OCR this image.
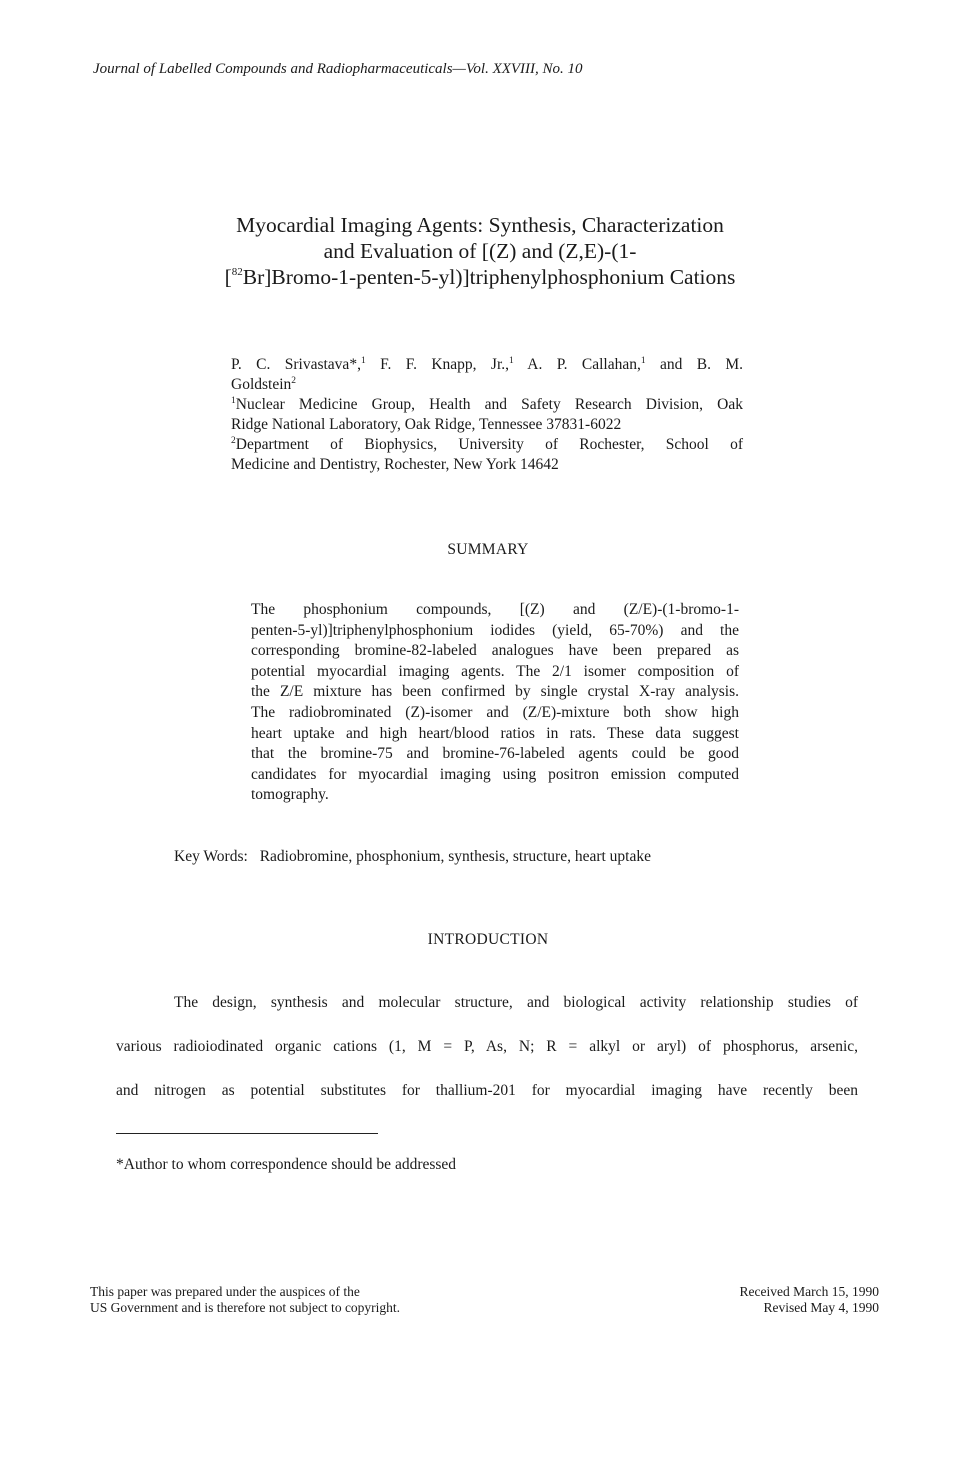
Journal of Labelled Compounds and Radiopharmaceuticals—Vol. XXVIII, No. 10
Myocardial Imaging Agents: Synthesis, Characterization
and Evaluation of [(Z) and (Z,E)-(1-
[$^{82}$Br]Bromo-1-penten-5-yl)]triphenylphosphonium Cations

P. C. Srivastava*,$^1$ F. F. Knapp, Jr.,$^1$ A. P. Callahan,$^1$ and B. M.

Goldstein$^2$

$^1$Nuclear Medicine Group, Health and Safety Research Division, Oak

Ridge National Laboratory, Oak Ridge, Tennessee 37831-6022

$^2$Department of Biophysics, University of Rochester, School of

Medicine and Dentistry, Rochester, New York 14642

SUMMARY
The phosphonium compounds, [(Z) and (Z/E)-(1-bromo-1-
penten-5-yl)]triphenylphosphonium iodides (yield, 65-70%) and the
corresponding bromine-82-labeled analogues have been prepared as
potential myocardial imaging agents. The 2/1 isomer composition of
the Z/E mixture has been confirmed by single crystal X-ray analysis.
The radiobrominated (Z)-isomer and (Z/E)-mixture both show high
heart uptake and high heart/blood ratios in rats. These data suggest
that the bromine-75 and bromine-76-labeled agents could be good
candidates for myocardial imaging using positron emission computed
tomography.
Key Words: Radiobromine, phosphonium, synthesis, structure, heart uptake
INTRODUCTION
The design, synthesis and molecular structure, and biological activity relationship studies of
various radioiodinated organic cations (1, M = P, As, N; R = alkyl or aryl) of phosphorus, arsenic,
and nitrogen as potential substitutes for thallium-201 for myocardial imaging have recently been
*Author to whom correspondence should be addressed
This paper was prepared under the auspices of the
US Government and is therefore not subject to copyright.
Received March 15, 1990
Revised May 4, 1990
